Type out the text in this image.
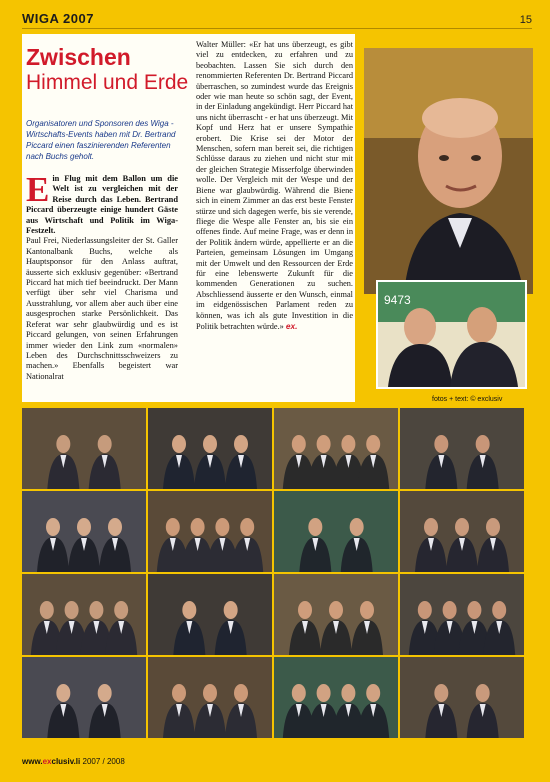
WIGA 2007	15
Zwischen
Himmel und Erde
Organisatoren und Sponsoren des Wiga - Wirtschafts-Events haben mit Dr. Bertrand Piccard einen faszinierenden Referenten nach Buchs geholt.
E in Flug mit dem Ballon um die Welt ist zu vergleichen mit der Reise durch das Leben. Bertrand Piccard überzeugte einige hundert Gäste aus Wirtschaft und Politik im Wiga-Festzelt.

Paul Frei, Niederlassungsleiter der St. Galler Kantonalbank Buchs, welche als Hauptsponsor für den Anlass auftrat, äusserte sich exklusiv gegenüber: «Bertrand Piccard hat mich tief beeindruckt. Der Mann verfügt über sehr viel Charisma und Ausstrahlung, vor allem aber auch über eine ausgesprochen starke Persönlichkeit. Das Referat war sehr glaubwürdig und es ist Piccard gelungen, von seinen Erfahrungen immer wieder den Link zum «normalen» Leben des Durchschnittsschweizers zu machen.» Ebenfalls begeistert war Nationalrat

Walter Müller: «Er hat uns überzeugt, es gibt viel zu entdecken, zu erfahren und zu beobachten. Lassen Sie sich durch den renommierten Referenten Dr. Bertrand Piccard überraschen, so zumindest wurde das Ereignis oder wie man heute so schön sagt, der Event, in der Einladung angekündigt. Herr Piccard hat uns nicht überrascht - er hat uns überzeugt. Mit Kopf und Herz hat er unsere Sympathie erobert. Die Krise sei der Motor der Menschen, sofern man bereit sei, die richtigen Schlüsse daraus zu ziehen und nicht stur mit der gleichen Strategie Misserfolge überwinden wolle. Der Vergleich mit der Wespe und der Biene war glaubwürdig. Während die Biene sich in einem Zimmer an das erst beste Fenster stürze und sich dagegen werfe, bis sie verende, fliege die Wespe alle Fenster an, bis sie ein offenes finde. Auf meine Frage, was er denn in der Politik ändern würde, appellierte er an die Parteien, gemeinsam Lösungen im Umgang mit der Umwelt und den Ressourcen der Erde für eine lebenswerte Zukunft für die kommenden Generationen zu suchen. Abschliessend äusserte er den Wunsch, einmal im eidgenössischen Parlament reden zu können, was ich als gute Investition in die Politik betrachten würde.» ex.

9473
fotos + text: © exclusiv
www.exclusiv.li 2007 / 2008
